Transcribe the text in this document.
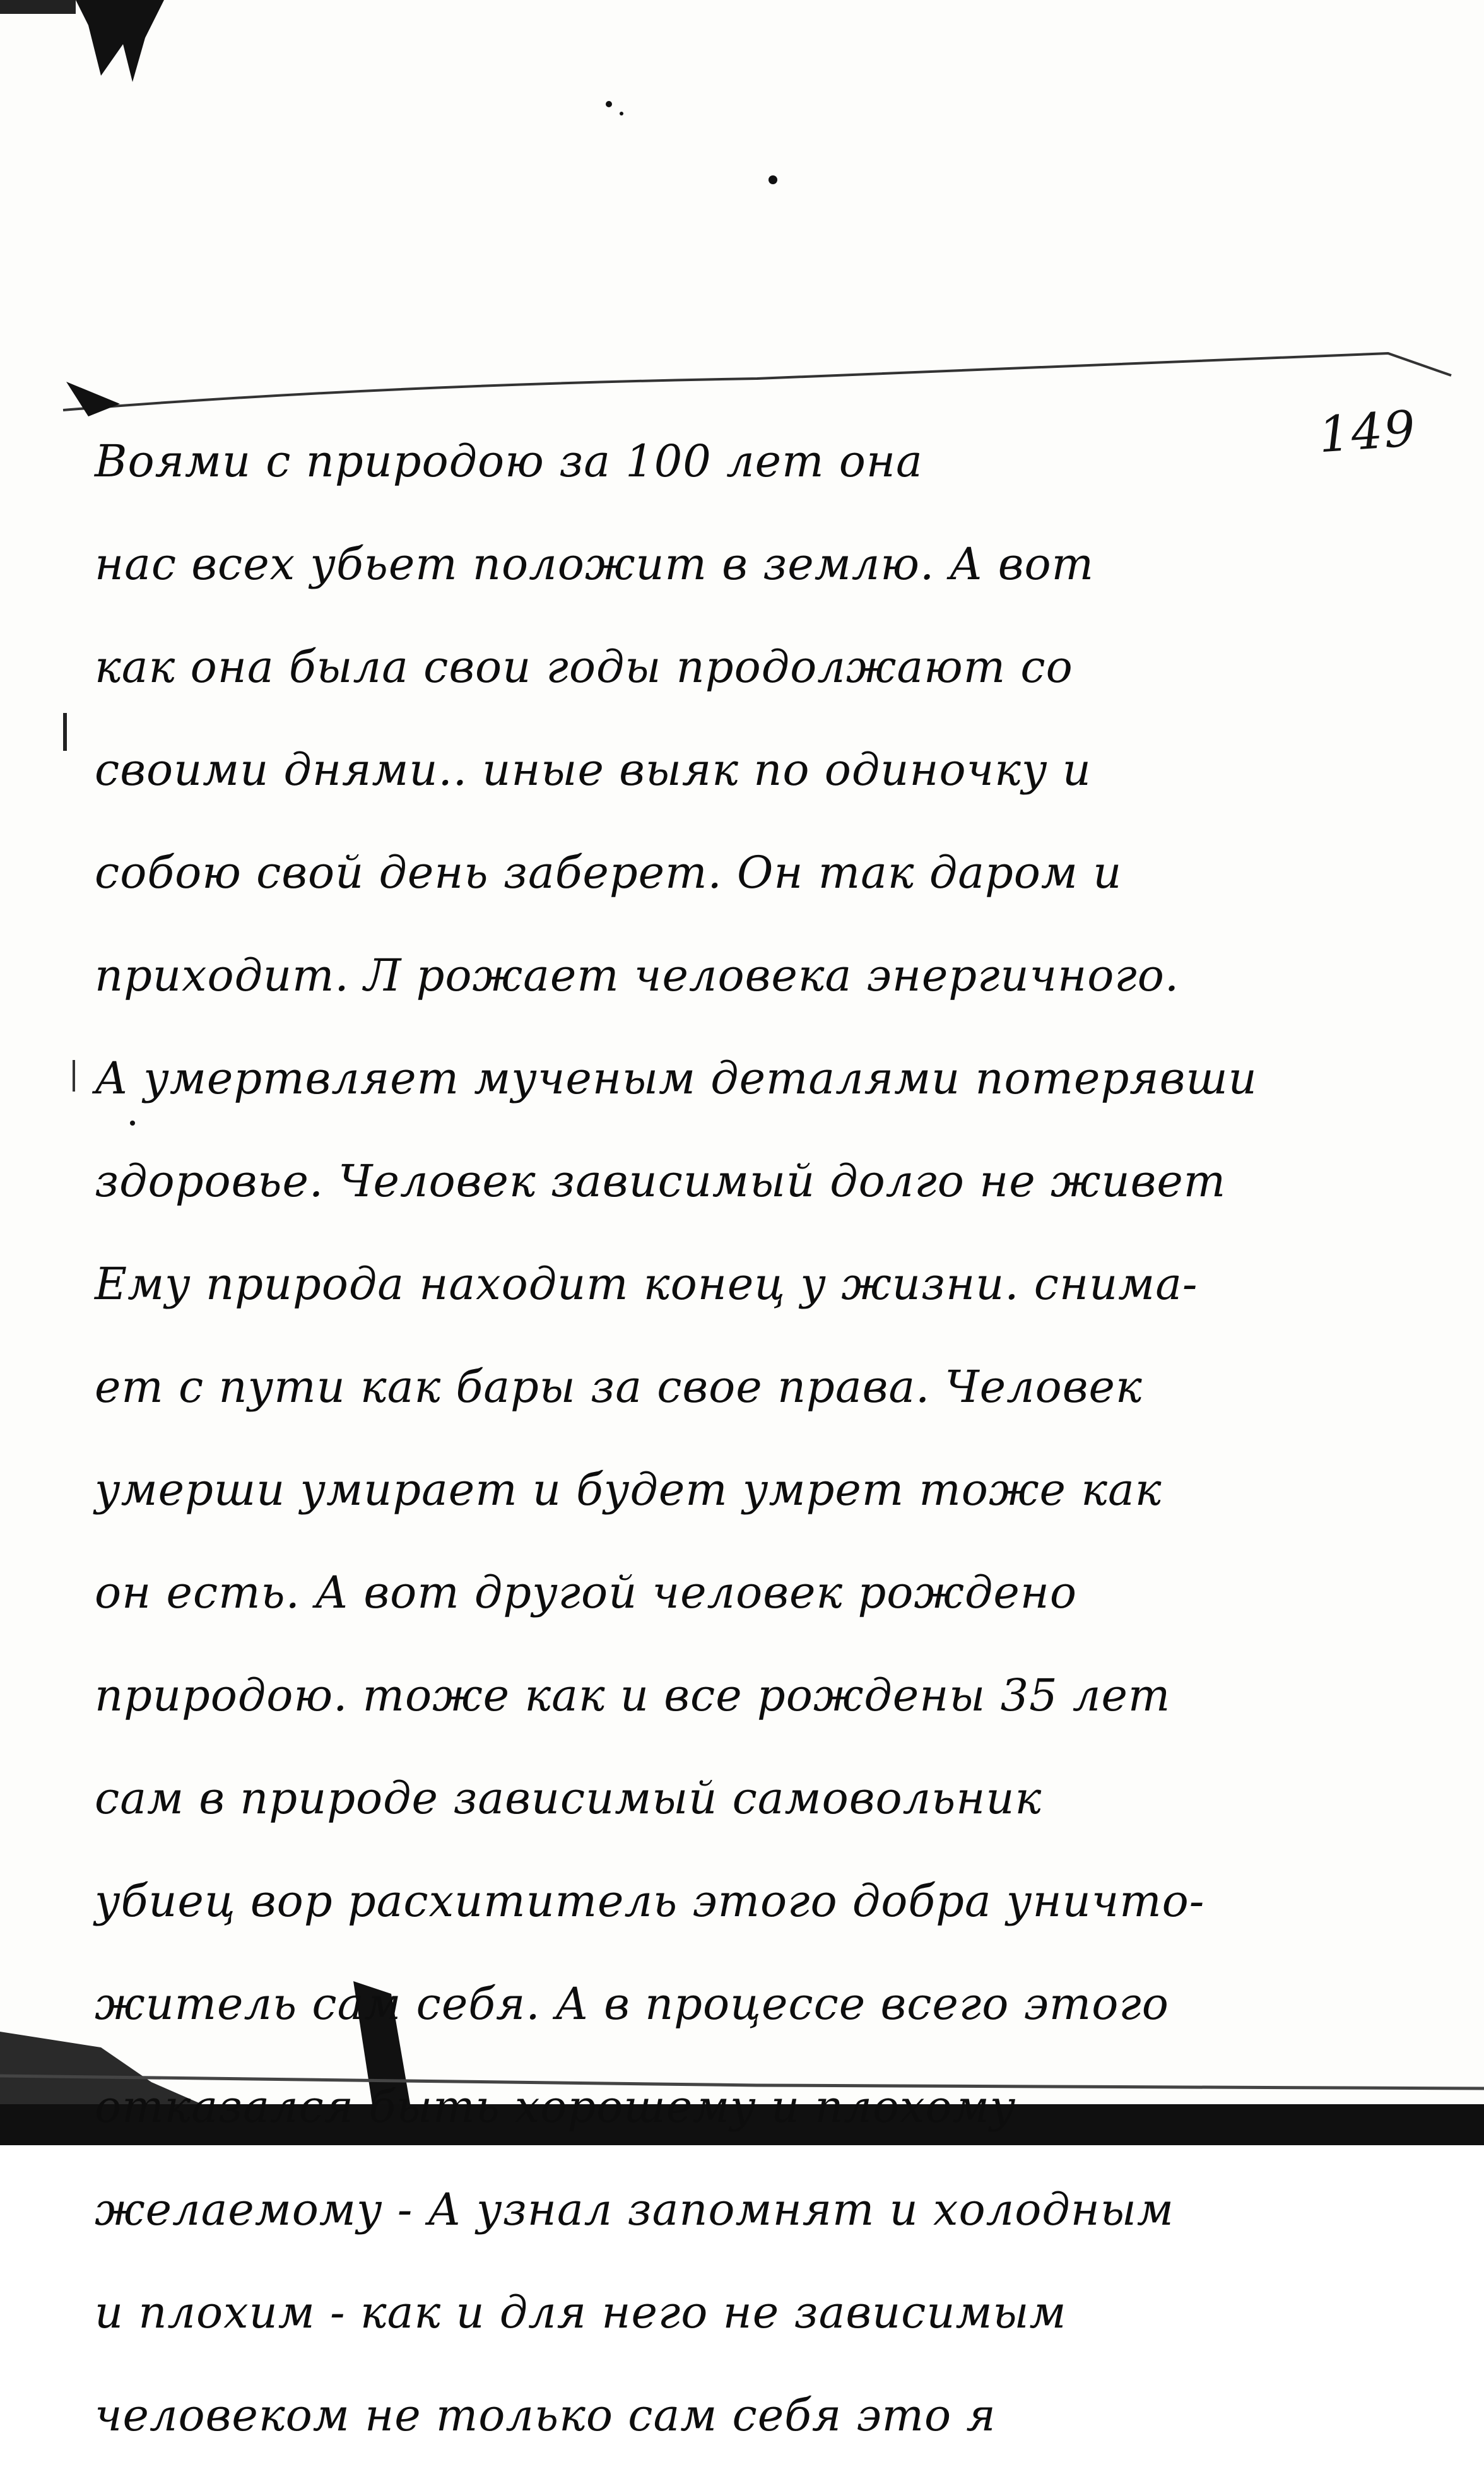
149
Воями с природою за 100 лет она
нас всех убьет положит в землю. А вот
как она была свои годы продолжают со
своими днями.. иные выяк по одиночку и
собою свой день заберет. Он так даром и
приходит. Л рожает человека энергичного.
А умертвляет мученым деталями потерявши
здоровье. Человек зависимый долго не живет
Ему природа находит конец у жизни. снима-
ет с пути как бары за свое права. Человек
умерши умирает и будет умрет тоже как
он есть. А вот другой человек рождено
природою. тоже как и все рождены 35 лет
сам в природе зависимый самовольник
убиец вор расхититель этого добра уничто-
житель сам себя. А в процессе всего этого
отказался быть хорошему и плохому
желаемому - А узнал запомнят и холодным
и плохим - как и для него не зависимым
человеком не только сам себя это я
